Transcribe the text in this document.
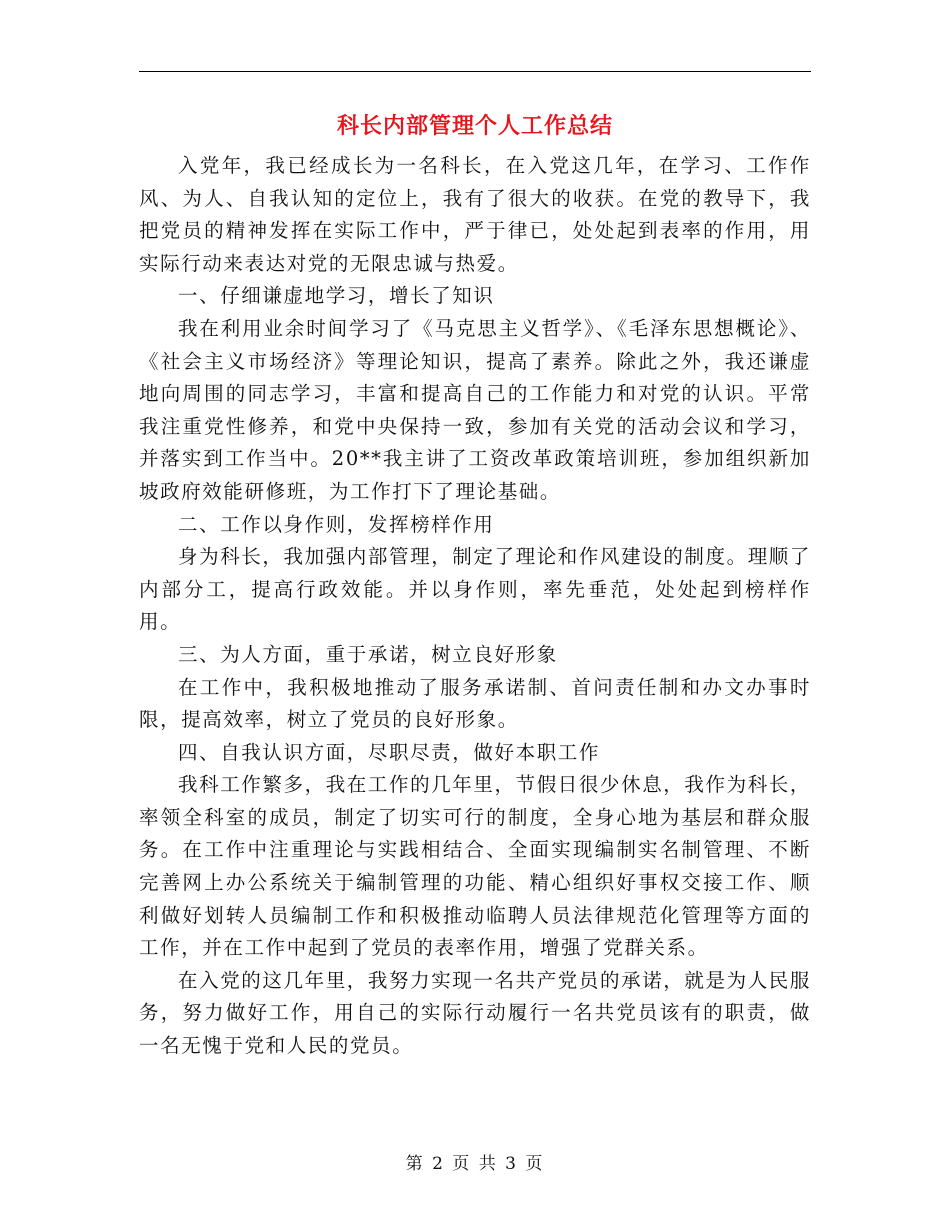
科长内部管理个人工作总结

入党年，我已经成长为一名科长，在入党这几年，在学习、工作作风、为人、自我认知的定位上，我有了很大的收获。在党的教导下，我把党员的精神发挥在实际工作中，严于律已，处处起到表率的作用，用实际行动来表达对党的无限忠诚与热爱。

一、仔细谦虚地学习，增长了知识

我在利用业余时间学习了《马克思主义哲学》、《毛泽东思想概论》、《社会主义市场经济》等理论知识，提高了素养。除此之外，我还谦虚地向周围的同志学习，丰富和提高自己的工作能力和对党的认识。平常我注重党性修养，和党中央保持一致，参加有关党的活动会议和学习，并落实到工作当中。20**我主讲了工资改革政策培训班，参加组织新加坡政府效能研修班，为工作打下了理论基础。

二、工作以身作则，发挥榜样作用

身为科长，我加强内部管理，制定了理论和作风建设的制度。理顺了内部分工，提高行政效能。并以身作则，率先垂范，处处起到榜样作用。

三、为人方面，重于承诺，树立良好形象

在工作中，我积极地推动了服务承诺制、首问责任制和办文办事时限，提高效率，树立了党员的良好形象。

四、自我认识方面，尽职尽责，做好本职工作

我科工作繁多，我在工作的几年里，节假日很少休息，我作为科长，率领全科室的成员，制定了切实可行的制度，全身心地为基层和群众服务。在工作中注重理论与实践相结合、全面实现编制实名制管理、不断完善网上办公系统关于编制管理的功能、精心组织好事权交接工作、顺利做好划转人员编制工作和积极推动临聘人员法律规范化管理等方面的工作，并在工作中起到了党员的表率作用，增强了党群关系。

在入党的这几年里，我努力实现一名共产党员的承诺，就是为人民服务，努力做好工作，用自己的实际行动履行一名共党员该有的职责，做一名无愧于党和人民的党员。

第 2 页 共 3 页
